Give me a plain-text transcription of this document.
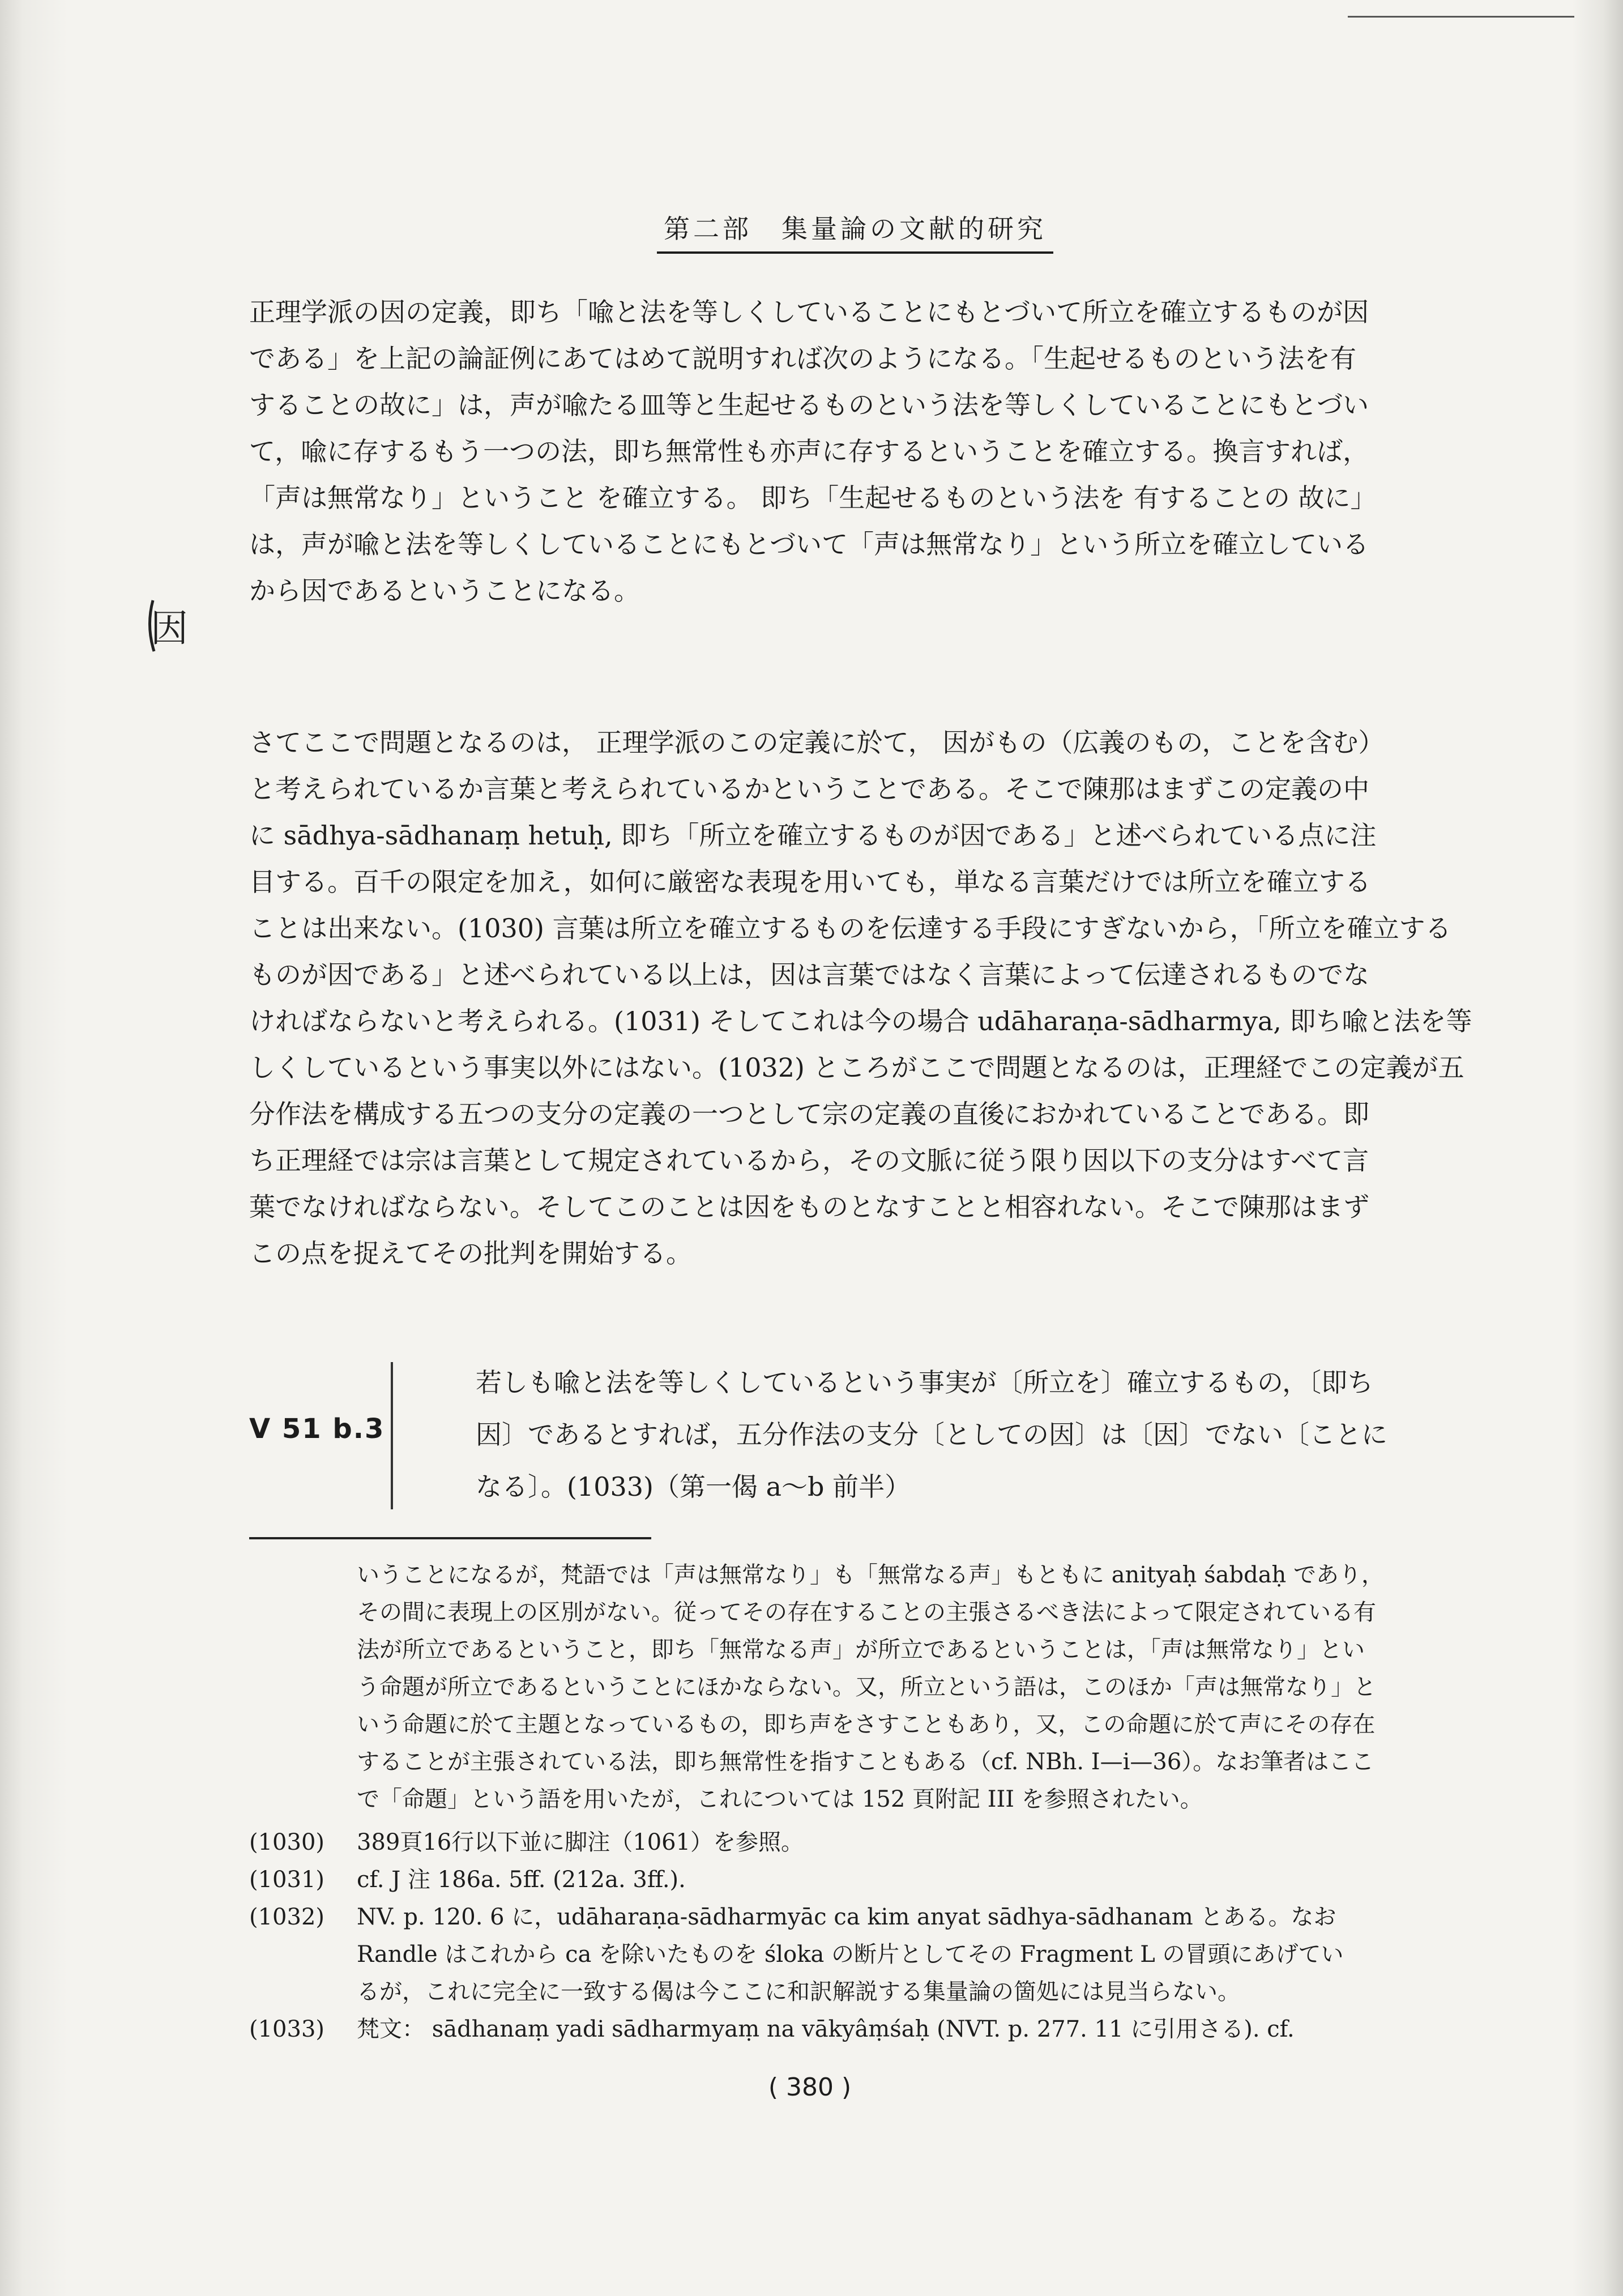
第二部　集量論の文献的研究

正理学派の因の定義，即ち「喩と法を等しくしていることにもとづいて所立を確立するものが因

である」を上記の論証例にあてはめて説明すれば次のようになる。「生起せるものという法を有

することの故に」は，声が喩たる皿等と生起せるものという法を等しくしていることにもとづい

て，喩に存するもう一つの法，即ち無常性も亦声に存するということを確立する。換言すれば，

「声は無常なり」ということ を確立する。 即ち「生起せるものという法を 有することの 故に」

は，声が喩と法を等しくしていることにもとづいて「声は無常なり」という所立を確立している

から因であるということになる。

因

さてここで問題となるのは， 正理学派のこの定義に於て， 因がもの（広義のもの，ことを含む）

と考えられているか言葉と考えられているかということである。そこで陳那はまずこの定義の中

に sādhya-sādhanaṃ hetuḥ, 即ち「所立を確立するものが因である」と述べられている点に注

目する。百千の限定を加え，如何に厳密な表現を用いても，単なる言葉だけでは所立を確立する

ことは出来ない。(1030) 言葉は所立を確立するものを伝達する手段にすぎないから，「所立を確立する

ものが因である」と述べられている以上は，因は言葉ではなく言葉によって伝達されるものでな

ければならないと考えられる。(1031) そしてこれは今の場合 udāharaṇa-sādharmya, 即ち喩と法を等

しくしているという事実以外にはない。(1032) ところがここで問題となるのは，正理経でこの定義が五

分作法を構成する五つの支分の定義の一つとして宗の定義の直後におかれていることである。即

ち正理経では宗は言葉として規定されているから，その文脈に従う限り因以下の支分はすべて言

葉でなければならない。そしてこのことは因をものとなすことと相容れない。そこで陳那はまず

この点を捉えてその批判を開始する。

V 51 b.3

若しも喩と法を等しくしているという事実が〔所立を〕確立するもの，〔即ち

因〕であるとすれば，五分作法の支分〔としての因〕は〔因〕でない〔ことに

なる〕。(1033)（第一偈 a〜b 前半）

いうことになるが，梵語では「声は無常なり」も「無常なる声」もともに anityaḥ śabdaḥ であり，

その間に表現上の区別がない。従ってその存在することの主張さるべき法によって限定されている有

法が所立であるということ，即ち「無常なる声」が所立であるということは，「声は無常なり」とい

う命題が所立であるということにほかならない。又，所立という語は，このほか「声は無常なり」と

いう命題に於て主題となっているもの，即ち声をさすこともあり，又，この命題に於て声にその存在

することが主張されている法，即ち無常性を指すこともある（cf. NBh. I—i—36）。なお筆者はここ

で「命題」という語を用いたが，これについては 152 頁附記 III を参照されたい。

(1030)	389頁16行以下並に脚注（1061）を参照。

(1031)	cf. J 注 186a. 5ff. (212a. 3ff.).

(1032)	NV. p. 120. 6 に，udāharaṇa-sādharmyāc ca kim anyat sādhya-sādhanam とある。なお

Randle はこれから ca を除いたものを śloka の断片としてその Fragment L の冒頭にあげてい

るが，これに完全に一致する偈は今ここに和訳解説する集量論の箇処には見当らない。

(1033)	梵文： sādhanaṃ yadi sādharmyaṃ na vākyâṃśaḥ (NVT. p. 277. 11 に引用さる). cf.

( 380 )
